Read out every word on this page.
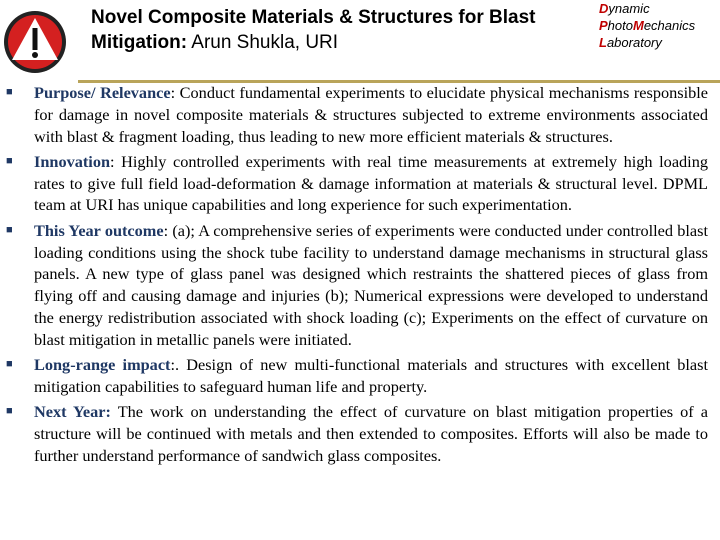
Novel Composite Materials & Structures for Blast Mitigation: Arun Shukla, URI
Dynamic
PhotoMechanics
Laboratory
■ Purpose/ Relevance: Conduct fundamental experiments to elucidate physical mechanisms responsible for damage in novel composite materials & structures subjected to extreme environments associated with blast & fragment loading, thus leading to new more efficient materials & structures.
■ Innovation: Highly controlled experiments with real time measurements at extremely high loading rates to give full field load-deformation & damage information at materials & structural level. DPML team at URI has unique capabilities and long experience for such experimentation.
■ This Year outcome: (a); A comprehensive series of experiments were conducted under controlled blast loading conditions using the shock tube facility to understand damage mechanisms in structural glass panels. A new type of glass panel was designed which restraints the shattered pieces of glass from flying off and causing damage and injuries (b); Numerical expressions were developed to understand the energy redistribution associated with shock loading (c); Experiments on the effect of curvature on blast mitigation in metallic panels were initiated.
■ Long-range impact:. Design of new multi-functional materials and structures with excellent blast mitigation capabilities to safeguard human life and property.
■ Next Year: The work on understanding the effect of curvature on blast mitigation properties of a structure will be continued with metals and then extended to composites. Efforts will also be made to further understand performance of sandwich glass composites.
